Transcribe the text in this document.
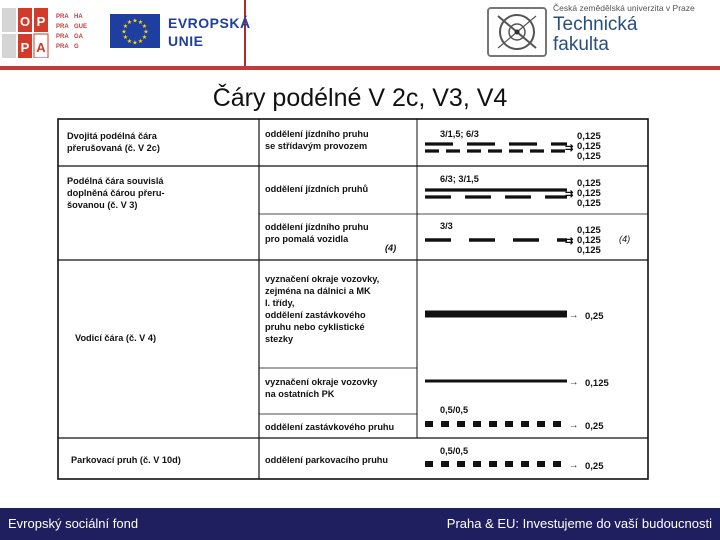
O P
P A
PRA HA
PRA GUE
PRA GA
PRA G
★
★
★
★
★
★
★
★
★ ★ ★
★ EVROPSKÁ
UNIE
Česká zemědělská univerzita v Praze
Technická
fakulta
Čáry podélné V 2c, V3, V4
Dvojitá podélná čára
přerušovaná (č. V 2c)
oddělení jízdního pruhu
se střídavým provozem
3/1,5; 6/3
Podélná čára souvislá
doplněná čárou přeru-
šovanou (č. V 3)
oddělení jízdních pruhů
6/3; 3/1,5
oddělení jízdního pruhu
pro pomalá vozidla
(4)
3/3
(4)
Vodicí čára (č. V 4)
vyznačení okraje vozovky,
zejména na dálnici a MK
I. třídy,
oddělení zastávkového
pruhu nebo cyklistické
stezky
vyznačení okraje vozovky
na ostatních PK
oddělení zastávkového pruhu
0,5/0,5
Parkovací pruh (č. V 10d)	oddělení parkovacího pruhu
0,5/0,5
0,125
0,125
0,125
⇉
0,125
0,125
0,125
⇉
0,125
0,125
0,125
⇉
→ 0,25
→ 0,125
→ 0,25
→ 0,25
Evropský sociální fond	Praha & EU: Investujeme do vaší budoucnosti
